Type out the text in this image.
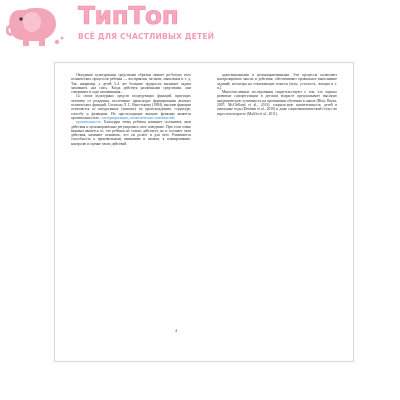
ТипТоп
ВСЁ ДЛЯ СЧАСТЛИВЫХ ДЕТЕЙ

Овладение культурными средствами образом меняет ра-ботуих всех психических процессов ребенка — восприятия, па-мяти, мышления и т. д. Так, например, у детей 3–4 лет большие трудности вызывает задача запомнить «на глаз». Когда действуя различными средствами, они совершают в ходе запоминания...

Со своих культурных средств посредующих функций, присущих человеку от рождения, постепенно происходит формирование высших психических функций. Согласно Л. С. Выготскому (1984), высшие функции отличаются от натуральных (низших) по происхождению, структуре, способу и функциям. Их про-исходящие высшие функции является произвольностью... интериоризация, символических заменителей.

произвольность. Благодаря этому ребенок начинает осознавать свои действия и целенаправленно регулировать свое поведение. При этом очень важным является то, что ребенок не только действует, но и осознает свои действия, начинает понимать, что он делает и для чего. Развивается способность к произвольному вниманию и памяти, к планированию, контролю и оценке своих действий.

4

адаптационными и целенаправленными. Эти процессы позволяют контролировать мысли и действия, обеспечивают правильное выполнение заданий, несмотря на отвлекающие помехи (шум, усталость, эмоции и т. п.).

Многочисленные исследования свидетельствуют о том, что хорошо развитые саморегуляции в детском возрасте предсказывает высокую академическую успешность на протяжении обучения в школе (Blair, Razza, 2007; McClelland et al., 2013), социаль-ную компетентность детей в школьные годы (Denham et al., 2010) и даже социоэкономический статус во взрослом возрасте (Moffitt et al., 2011).
